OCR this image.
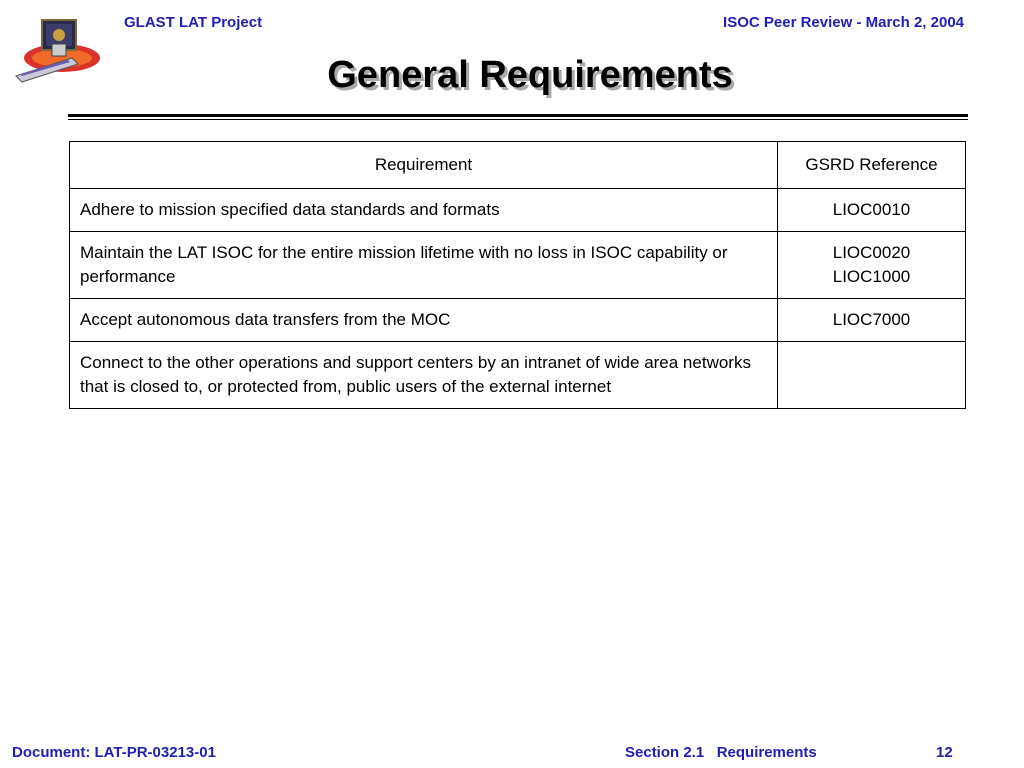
GLAST LAT Project	ISOC Peer Review - March 2, 2004
General Requirements
Requirement	GSRD Reference
Adhere to mission specified data standards and formats	LIOC0010

Maintain the LAT ISOC for the entire mission lifetime with no loss in ISOC capability or performance	LIOC0020
LIOC1000

Accept autonomous data transfers from the MOC	LIOC7000

Connect to the other operations and support centers by an intranet of wide area networks that is closed to, or protected from, public users of the external internet	
Document: LAT-PR-03213-01	Section 2.1   Requirements	12
